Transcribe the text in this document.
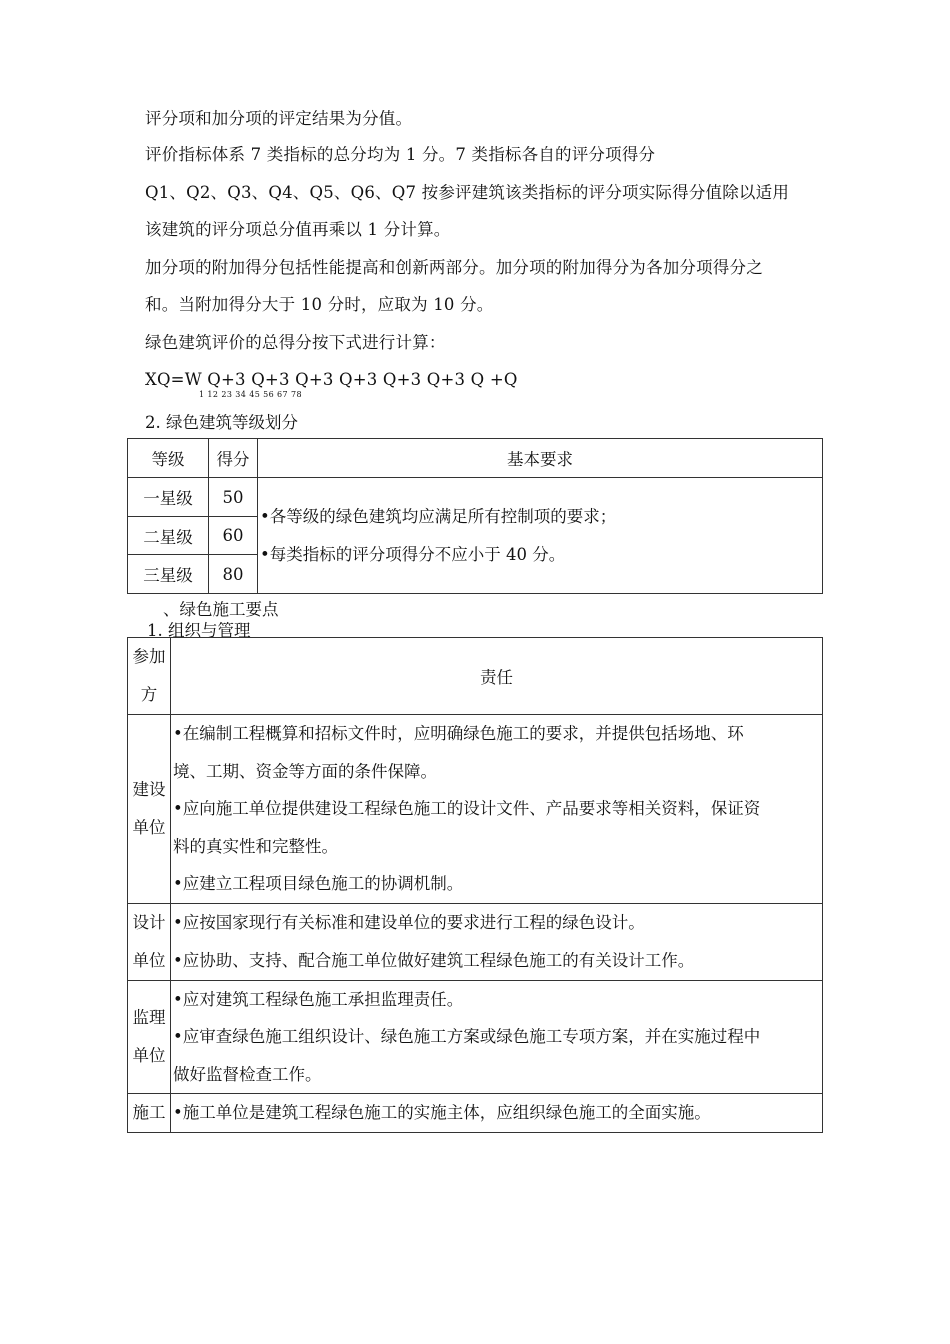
评分项和加分项的评定结果为分值。
评价指标体系 7 类指标的总分均为 1 分。7 类指标各自的评分项得分
Q1、Q2、Q3、Q4、Q5、Q6、Q7 按参评建筑该类指标的评分项实际得分值除以适用
该建筑的评分项总分值再乘以 1 分计算。
加分项的附加得分包括性能提高和创新两部分。加分项的附加得分为各加分项得分之
和。当附加得分大于 10 分时，应取为 10 分。
绿色建筑评价的总得分按下式进行计算：
XQ=W Q+3 Q+3 Q+3 Q+3 Q+3 Q+3 Q +Q
1 12 23 34 45 56 67 78
2. 绿色建筑等级划分
等级	得分	基本要求
一星级	50	•各等级的绿色建筑均应满足所有控制项的要求；
•每类指标的评分项得分不应小于 40 分。

二星级	60	
三星级	80	
、绿色施工要点
1. 组织与管理
参加
方	责任

建设
单位	•在编制工程概算和招标文件时，应明确绿色施工的要求，并提供包括场地、环
境、工期、资金等方面的条件保障。
•应向施工单位提供建设工程绿色施工的设计文件、产品要求等相关资料，保证资
料的真实性和完整性。
•应建立工程项目绿色施工的协调机制。

设计
单位	•应按国家现行有关标准和建设单位的要求进行工程的绿色设计。
•应协助、支持、配合施工单位做好建筑工程绿色施工的有关设计工作。

监理
单位	•应对建筑工程绿色施工承担监理责任。
•应审查绿色施工组织设计、绿色施工方案或绿色施工专项方案，并在实施过程中
做好监督检查工作。

施工	•施工单位是建筑工程绿色施工的实施主体，应组织绿色施工的全面实施。
